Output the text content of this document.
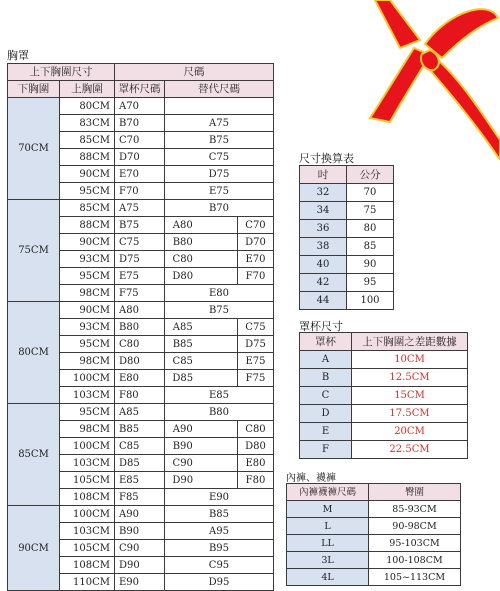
胸罩
上下胸圍尺寸		尺碼			
下胸圍	上胸圍	罩杯尺碼	替代尺碼		
70CM	80CM	A70			
	83CM	B70	A75		
	85CM	C70	B75		
	88CM	D70	C75		
	90CM	E70	D75		
	95CM	F70	E75		
75CM	85CM	A75	B70		
	88CM	B75	A80		C70
	90CM	C75	B80		D70
	93CM	D75	C80		E70
	95CM	E75	D80		F70
	98CM	F75	E80		
80CM	90CM	A80	B75		
	93CM	B80	A85		C75
	95CM	C80	B85		D75
	98CM	D80	C85		E75
	100CM	E80	D85		F75
	103CM	F80	E85		
85CM	95CM	A85	B80		
	98CM	B85	A90		C80
	100CM	C85	B90		D80
	103CM	D85	C90		E80
	105CM	E85	D90		F80
	108CM	F85	E90		
90CM	100CM	A90	B85		
	103CM	B90	A95		
	105CM	C90	B95		
	108CM	D90	C95		
	110CM	E90	D95		
尺寸換算表
吋	公分
32	70
34	75
36	80
38	85
40	90
42	95
44	100
罩杯尺寸
罩杯	上下胸圍之差距數據
A	10CM
B	12.5CM
C	15CM
D	17.5CM
E	20CM
F	22.5CM
內褲、襪褲
內褲襪褲尺碼	臀圍
M	85-93CM
L	90-98CM
LL	95-103CM
3L	100-108CM
4L	105~113CM
